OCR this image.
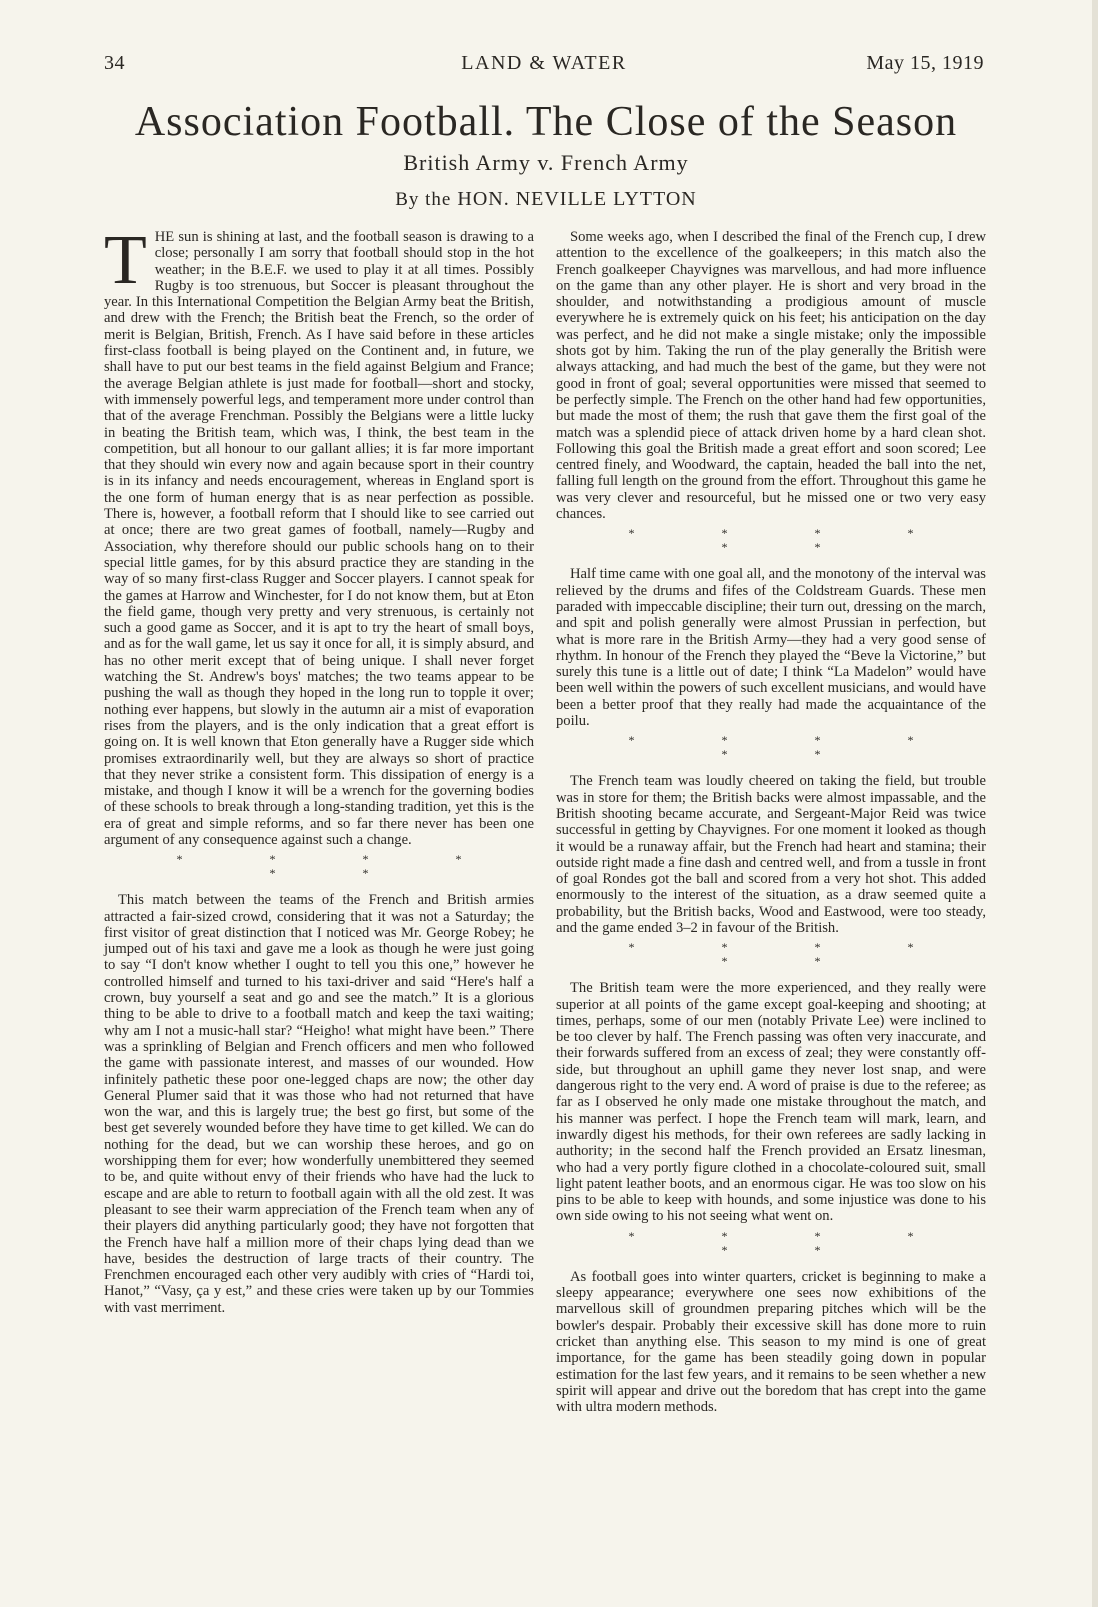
34	LAND & WATER	May 15, 1919
Association Football. The Close of the Season
British Army v. French Army
By the HON. NEVILLE LYTTON

THE sun is shining at last, and the football season is drawing to a close; personally I am sorry that football should stop in the hot weather; in the B.E.F. we used to play it at all times. Possibly Rugby is too strenuous, but Soccer is pleasant throughout the year. In this International Competition the Belgian Army beat the British, and drew with the French; the British beat the French, so the order of merit is Belgian, British, French. As I have said before in these articles first-class football is being played on the Continent and, in future, we shall have to put our best teams in the field against Belgium and France; the average Belgian athlete is just made for football—short and stocky, with immensely powerful legs, and temperament more under control than that of the average Frenchman. Possibly the Belgians were a little lucky in beating the British team, which was, I think, the best team in the competition, but all honour to our gallant allies; it is far more important that they should win every now and again because sport in their country is in its infancy and needs encouragement, whereas in England sport is the one form of human energy that is as near perfection as possible. There is, however, a football reform that I should like to see carried out at once; there are two great games of football, namely—Rugby and Association, why therefore should our public schools hang on to their special little games, for by this absurd practice they are standing in the way of so many first-class Rugger and Soccer players. I cannot speak for the games at Harrow and Winchester, for I do not know them, but at Eton the field game, though very pretty and very strenuous, is certainly not such a good game as Soccer, and it is apt to try the heart of small boys, and as for the wall game, let us say it once for all, it is simply absurd, and has no other merit except that of being unique. I shall never forget watching the St. Andrew's boys' matches; the two teams appear to be pushing the wall as though they hoped in the long run to topple it over; nothing ever happens, but slowly in the autumn air a mist of evaporation rises from the players, and is the only indication that a great effort is going on. It is well known that Eton generally have a Rugger side which promises extraordinarily well, but they are always so short of practice that they never strike a consistent form. This dissipation of energy is a mistake, and though I know it will be a wrench for the governing bodies of these schools to break through a long-standing tradition, yet this is the era of great and simple reforms, and so far there never has been one argument of any consequence against such a change.

* * * * * *

This match between the teams of the French and British armies attracted a fair-sized crowd, considering that it was not a Saturday; the first visitor of great distinction that I noticed was Mr. George Robey; he jumped out of his taxi and gave me a look as though he were just going to say “I don't know whether I ought to tell you this one,” however he controlled himself and turned to his taxi-driver and said “Here's half a crown, buy yourself a seat and go and see the match.” It is a glorious thing to be able to drive to a football match and keep the taxi waiting; why am I not a music-hall star? “Heigho! what might have been.” There was a sprinkling of Belgian and French officers and men who followed the game with passionate interest, and masses of our wounded. How infinitely pathetic these poor one-legged chaps are now; the other day General Plumer said that it was those who had not returned that have won the war, and this is largely true; the best go first, but some of the best get severely wounded before they have time to get killed. We can do nothing for the dead, but we can worship these heroes, and go on worshipping them for ever; how wonderfully unembittered they seemed to be, and quite without envy of their friends who have had the luck to escape and are able to return to football again with all the old zest. It was pleasant to see their warm appreciation of the French team when any of their players did anything particularly good; they have not forgotten that the French have half a million more of their chaps lying dead than we have, besides the destruction of large tracts of their country. The Frenchmen encouraged each other very audibly with cries of “Hardi toi, Hanot,” “Vasy, ça y est,” and these cries were taken up by our Tommies with vast merriment.

Some weeks ago, when I described the final of the French cup, I drew attention to the excellence of the goalkeepers; in this match also the French goalkeeper Chayvignes was marvellous, and had more influence on the game than any other player. He is short and very broad in the shoulder, and notwithstanding a prodigious amount of muscle everywhere he is extremely quick on his feet; his anticipation on the day was perfect, and he did not make a single mistake; only the impossible shots got by him. Taking the run of the play generally the British were always attacking, and had much the best of the game, but they were not good in front of goal; several opportunities were missed that seemed to be perfectly simple. The French on the other hand had few opportunities, but made the most of them; the rush that gave them the first goal of the match was a splendid piece of attack driven home by a hard clean shot. Following this goal the British made a great effort and soon scored; Lee centred finely, and Woodward, the captain, headed the ball into the net, falling full length on the ground from the effort. Throughout this game he was very clever and resourceful, but he missed one or two very easy chances.

* * * * * *

Half time came with one goal all, and the monotony of the interval was relieved by the drums and fifes of the Coldstream Guards. These men paraded with impeccable discipline; their turn out, dressing on the march, and spit and polish generally were almost Prussian in perfection, but what is more rare in the British Army—they had a very good sense of rhythm. In honour of the French they played the “Beve la Victorine,” but surely this tune is a little out of date; I think “La Madelon” would have been well within the powers of such excellent musicians, and would have been a better proof that they really had made the acquaintance of the poilu.

* * * * * *

The French team was loudly cheered on taking the field, but trouble was in store for them; the British backs were almost impassable, and the British shooting became accurate, and Sergeant-Major Reid was twice successful in getting by Chayvignes. For one moment it looked as though it would be a runaway affair, but the French had heart and stamina; their outside right made a fine dash and centred well, and from a tussle in front of goal Rondes got the ball and scored from a very hot shot. This added enormously to the interest of the situation, as a draw seemed quite a probability, but the British backs, Wood and Eastwood, were too steady, and the game ended 3–2 in favour of the British.

* * * * * *

The British team were the more experienced, and they really were superior at all points of the game except goal-keeping and shooting; at times, perhaps, some of our men (notably Private Lee) were inclined to be too clever by half. The French passing was often very inaccurate, and their forwards suffered from an excess of zeal; they were constantly off-side, but throughout an uphill game they never lost snap, and were dangerous right to the very end. A word of praise is due to the referee; as far as I observed he only made one mistake throughout the match, and his manner was perfect. I hope the French team will mark, learn, and inwardly digest his methods, for their own referees are sadly lacking in authority; in the second half the French provided an Ersatz linesman, who had a very portly figure clothed in a chocolate-coloured suit, small light patent leather boots, and an enormous cigar. He was too slow on his pins to be able to keep with hounds, and some injustice was done to his own side owing to his not seeing what went on.

* * * * * *

As football goes into winter quarters, cricket is beginning to make a sleepy appearance; everywhere one sees now exhibitions of the marvellous skill of groundmen preparing pitches which will be the bowler's despair. Probably their excessive skill has done more to ruin cricket than anything else. This season to my mind is one of great importance, for the game has been steadily going down in popular estimation for the last few years, and it remains to be seen whether a new spirit will appear and drive out the boredom that has crept into the game with ultra modern methods.
